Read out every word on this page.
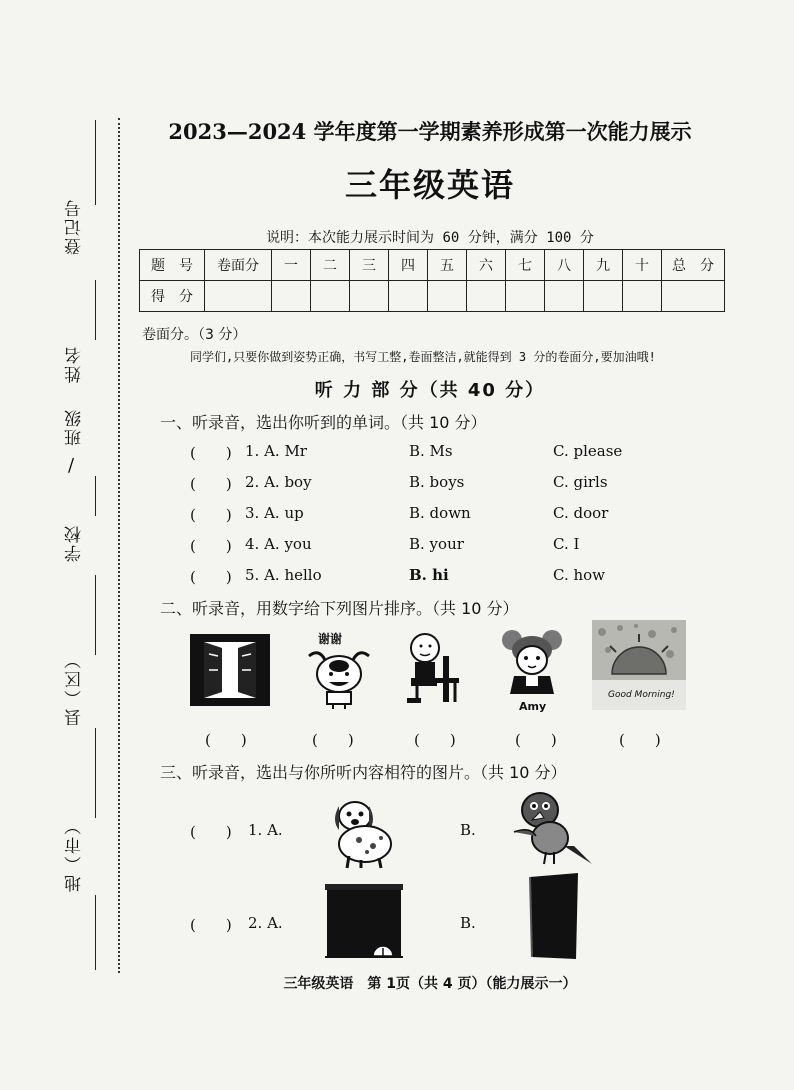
登记号
姓名
班级
/
学校
县（区）
地（市）
2023—2024 学年度第一学期素养形成第一次能力展示
三年级英语
说明：本次能力展示时间为 60 分钟，满分 100 分
题　号	卷面分	一	二	三	四	五	六	七	八	九	十	总　分
得　分												
卷面分。（3 分）
同学们,只要你做到姿势正确，书写工整,卷面整洁,就能得到 3 分的卷面分,要加油哦!
听 力 部 分（共 40 分）
一、听录音，选出你听到的单词。（共 10 分）
(　　) 1. A. Mr	B. Ms	C. please
(　　) 2. A. boy	B. boys	C. girls
(　　) 3. A. up	B. down	C. door
(　　) 4. A. you	B. your	C. I
(　　) 5. A. hello	B. hi	C. how
二、听录音，用数字给下列图片排序。（共 10 分）
谢谢
Amy
Good Morning!
(　　)	(　　)	(　　)	(　　)	(　　)
三、听录音，选出与你所听内容相符的图片。（共 10 分）
(　　) 1. A.	B.
(　　) 2. A.	B.
三年级英语　第 1页（共 4 页）（能力展示一）
